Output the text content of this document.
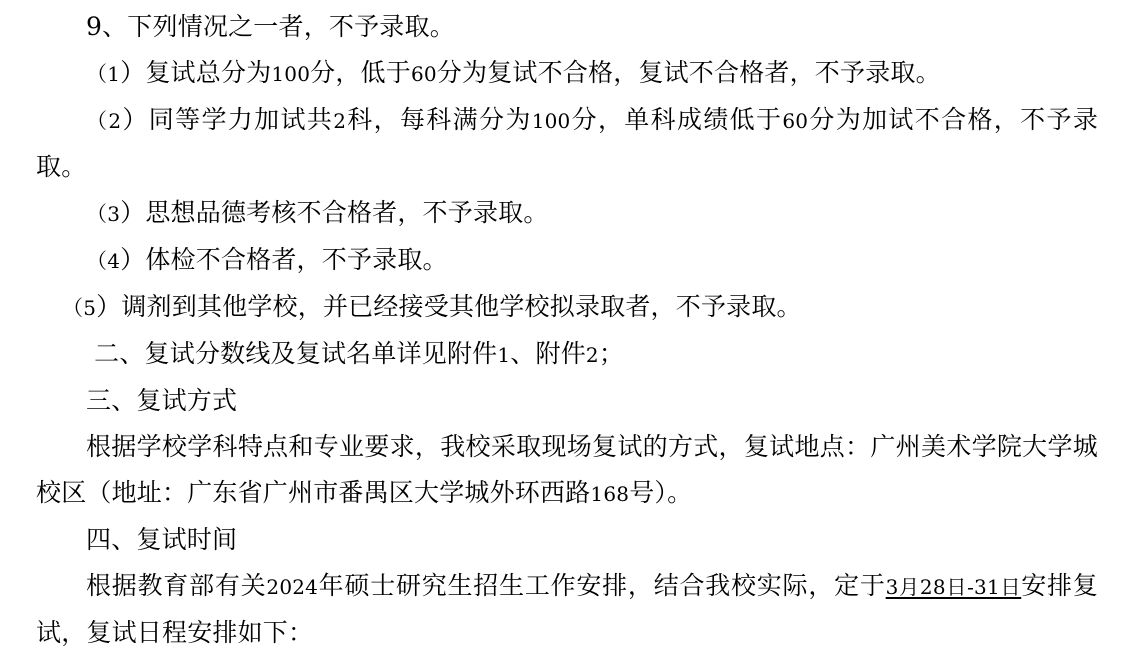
9、下列情况之一者，不予录取。

（1）复试总分为100分，低于60分为复试不合格，复试不合格者，不予录取。

（2）同等学力加试共2科，每科满分为100分，单科成绩低于60分为加试不合格，不予录取。

（3）思想品德考核不合格者，不予录取。

（4）体检不合格者，不予录取。

（5）调剂到其他学校，并已经接受其他学校拟录取者，不予录取。

二、复试分数线及复试名单详见附件1、附件2；

三、复试方式

根据学校学科特点和专业要求，我校采取现场复试的方式，复试地点：广州美术学院大学城校区（地址：广东省广州市番禺区大学城外环西路168号）。

四、复试时间

根据教育部有关2024年硕士研究生招生工作安排，结合我校实际，定于3月28日-31日安排复试，复试日程安排如下：
